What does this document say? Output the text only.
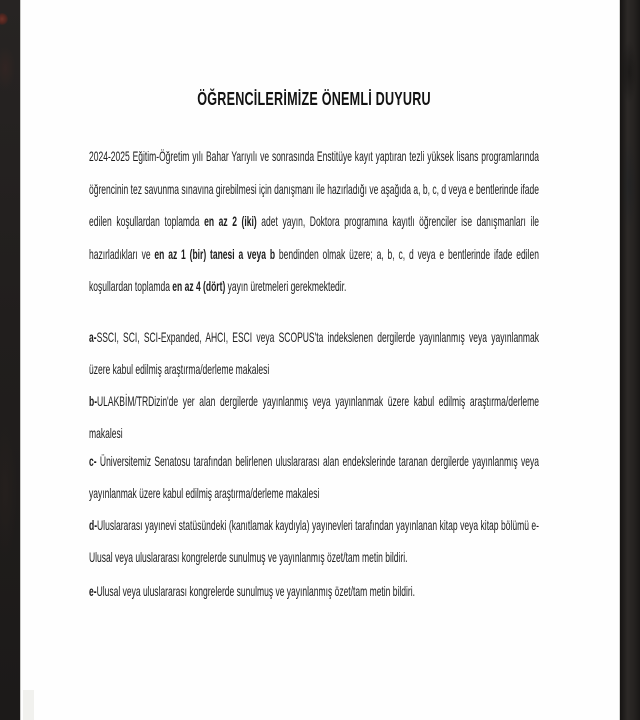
ÖĞRENCİLERİMİZE ÖNEMLİ DUYURU
2024-2025 Eğitim-Öğretim yılı Bahar Yarıyılı ve sonrasında Enstitüye kayıt yaptıran tezli yüksek lisans programlarında öğrencinin tez savunma sınavına girebilmesi için danışmanı ile hazırladığı ve aşağıda a, b, c, d veya e bentlerinde ifade edilen koşullardan toplamda en az 2 (iki) adet yayın, Doktora programına kayıtlı öğrenciler ise danışmanları ile hazırladıkları ve en az 1 (bir) tanesi a veya b bendinden olmak üzere; a, b, c, d veya e bentlerinde ifade edilen koşullardan toplamda en az 4 (dört) yayın üretmeleri gerekmektedir.
a-SSCI, SCI, SCI-Expanded, AHCI, ESCI veya SCOPUS'ta indekslenen dergilerde yayınlanmış veya yayınlanmak üzere kabul edilmiş araştırma/derleme makalesi
b-ULAKBİM/TRDizin'de yer alan dergilerde yayınlanmış veya yayınlanmak üzere kabul edilmiş araştırma/derleme makalesi
c- Üniversitemiz Senatosu tarafından belirlenen uluslararası alan endekslerinde taranan dergilerde yayınlanmış veya yayınlanmak üzere kabul edilmiş araştırma/derleme makalesi
d-Uluslararası yayınevi statüsündeki (kanıtlamak kaydıyla) yayınevleri tarafından yayınlanan kitap veya kitap bölümü e- Ulusal veya uluslararası kongrelerde sunulmuş ve yayınlanmış özet/tam metin bildiri.
e-Ulusal veya uluslararası kongrelerde sunulmuş ve yayınlanmış özet/tam metin bildiri.
